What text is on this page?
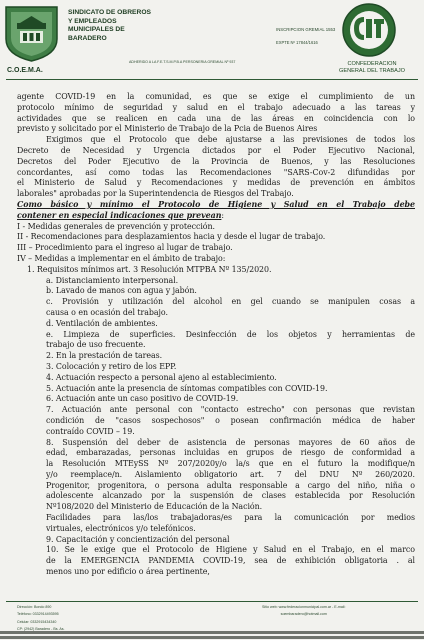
C.O.E.M.A.
SINDICATO DE OBREROS
Y EMPLEADOS
MUNICIPALES DE
BARADERO
ADHERIDO A LA F.E.T.S.M.P.B.A PERSONERIA GREMIAL Nº 937
INSCRIPCION GREMIAL 1553
EXPTE Nº 17844/1616
CONFEDERACION
GENERAL DEL TRABAJO

agente COVID-19 en la comunidad, es que se exige el cumplimiento de un

protocolo mínimo de seguridad y salud en el trabajo adecuado a las tareas y

actividades que se realicen en cada una de las áreas en coincidencia con lo

previsto y solicitado por el Ministerio de Trabajo de la Pcia de Buenos Aires

Exigimos que el Protocolo que debe ajustarse a las previsiones de todos los

Decreto de Necesidad y Urgencia dictados por el Poder Ejecutivo Nacional,

Decretos del Poder Ejecutivo de la Provincia de Buenos, y las Resoluciones

concordantes, así como todas las Recomendaciones "SARS-Cov-2 difundidas por

el Ministerio de Salud y Recomendaciones y medidas de prevención en ámbitos

laborales" aprobadas por la Superintendencia de Riesgos del Trabajo.

Como básico y mínimo el Protocolo de Higiene y Salud en el Trabajo debe

contener en especial indicaciones que prevean:

I - Medidas generales de prevención y protección.

II - Recomendaciones para desplazamientos hacia y desde el lugar de trabajo.

III – Procedimiento para el ingreso al lugar de trabajo.

IV – Medidas a implementar en el ámbito de trabajo:

1. Requisitos mínimos art. 3 Resolución MTPBA Nº 135/2020.

a. Distanciamiento interpersonal.

b. Lavado de manos con agua y jabón.

c. Provisión y utilización del alcohol en gel cuando se manipulen cosas a

causa o en ocasión del trabajo.

d. Ventilación de ambientes.

e. Limpieza de superficies. Desinfección de los objetos y herramientas de

trabajo de uso frecuente.

2. En la prestación de tareas.

3. Colocación y retiro de los EPP.

4. Actuación respecto a personal ajeno al establecimiento.

5. Actuación ante la presencia de síntomas compatibles con COVID-19.

6. Actuación ante un caso positivo de COVID-19.

7. Actuación ante personal con "contacto estrecho" con personas que revistan

condición de "casos sospechosos" o posean confirmación médica de haber

contraído COVID – 19.

8. Suspensión del deber de asistencia de personas mayores de 60 años de

edad, embarazadas, personas incluidas en grupos de riesgo de conformidad a

la Resolución MTEySS Nº 207/2020y/o la/s que en el futuro la modifique/n

y/o reemplace/n. Aislamiento obligatorio art. 7 del DNU Nº 260/2020.

Progenitor, progenitora, o persona adulta responsable a cargo del niño, niña o

adolescente alcanzado por la suspensión de clases establecida por Resolución

Nº108/2020 del Ministerio de Educación de la Nación.

Facilidades para las/los trabajadoras/es para la comunicación por medios

virtuales, electrónicos y/o telefónicos.

9. Capacitación y concientización del personal

10. Se le exige que el Protocolo de Higiene y Salud en el Trabajo, en el marco

de la EMERGENCIA PANDEMIA COVID-19, sea de exhibición obligatoria . al

menos uno por edificio o área pertinente,

Dirección: Bondo 890
Teléfono: 0332914493595
Celular: 0332915434340
CP: (2942) Baradero - Bs. As.
Sitio web: www.federacionmunicipal.com.ar - E-mail:
soembaradero@hotmail.com
